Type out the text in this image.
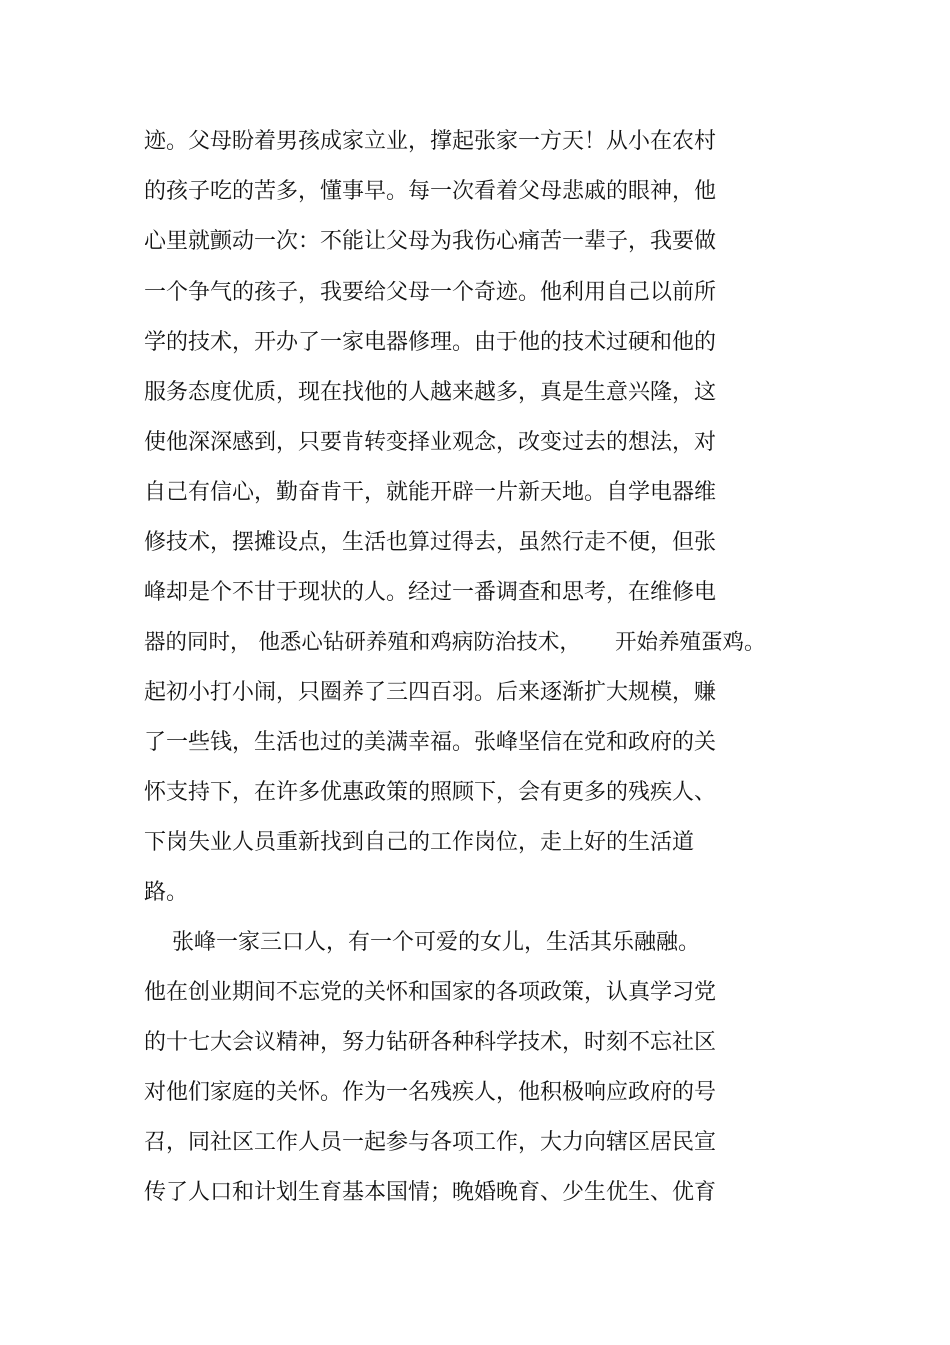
迹。父母盼着男孩成家立业，撑起张家一方天！从小在农村
的孩子吃的苦多，懂事早。每一次看着父母悲戚的眼神，他
心里就颤动一次：不能让父母为我伤心痛苦一辈子，我要做
一个争气的孩子，我要给父母一个奇迹。他利用自己以前所
学的技术，开办了一家电器修理。由于他的技术过硬和他的
服务态度优质，现在找他的人越来越多，真是生意兴隆，这
使他深深感到，只要肯转变择业观念，改变过去的想法，对
自己有信心，勤奋肯干，就能开辟一片新天地。自学电器维
修技术，摆摊设点，生活也算过得去，虽然行走不便，但张
峰却是个不甘于现状的人。经过一番调查和思考，在维修电
器的同时， 他悉心钻研养殖和鸡病防治技术，     开始养殖蛋鸡。
起初小打小闹，只圈养了三四百羽。后来逐渐扩大规模，赚
了一些钱，生活也过的美满幸福。张峰坚信在党和政府的关
怀支持下，在许多优惠政策的照顾下，会有更多的残疾人、
下岗失业人员重新找到自己的工作岗位，走上好的生活道
路。
张峰一家三口人，有一个可爱的女儿，生活其乐融融。
他在创业期间不忘党的关怀和国家的各项政策，认真学习党
的十七大会议精神，努力钻研各种科学技术，时刻不忘社区
对他们家庭的关怀。作为一名残疾人，他积极响应政府的号
召，同社区工作人员一起参与各项工作，大力向辖区居民宣
传了人口和计划生育基本国情；晚婚晚育、少生优生、优育
